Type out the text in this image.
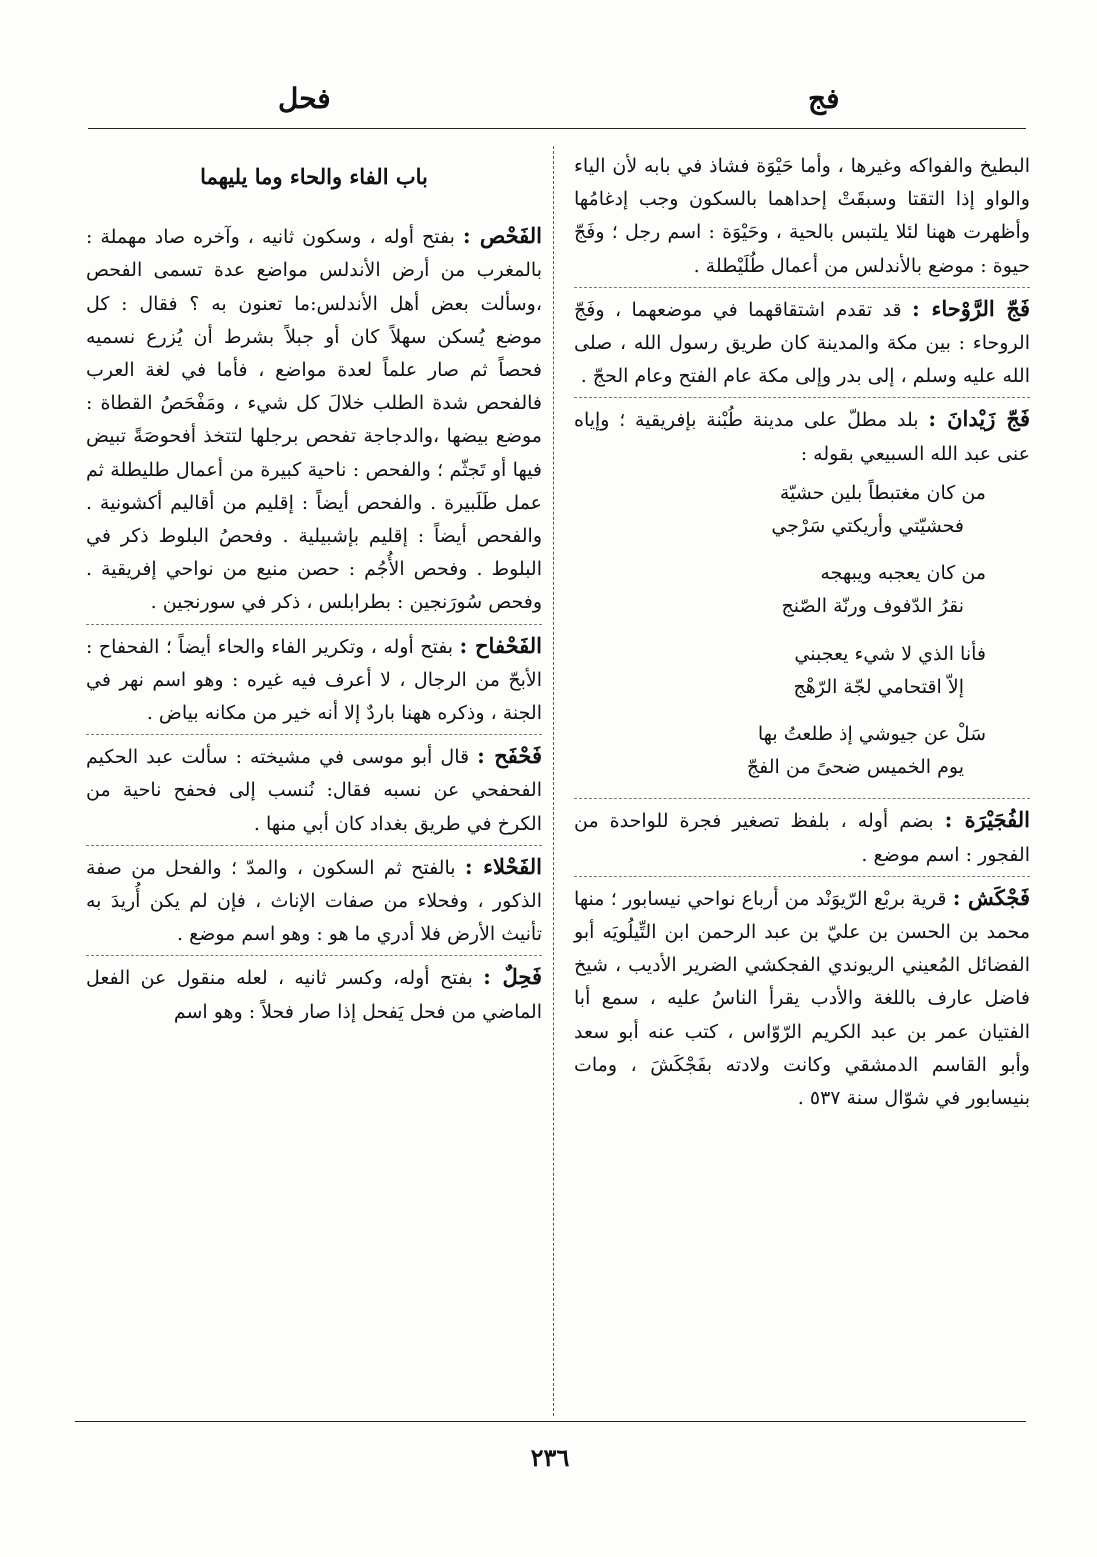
فج
فحل

البطيخ والفواكه وغيرها ، وأما حَيْوَة فشاذ في بابه لأن الياء والواو إذا التقتا وسبقَتْ إحداهما بالسكون وجب إدغامُها وأظهرت ههنا لئلا يلتبس بالحية ، وحَيْوَة : اسم رجل ؛ وفَجّ حيوة : موضع بالأندلس من أعمال طُلَيْطلة .

فَجّ الرَّوْحاء : قد تقدم اشتقاقهما في موضعهما ، وفَجّ الروحاء : بين مكة والمدينة كان طريق رسول الله ، صلى الله عليه وسلم ، إلى بدر وإلى مكة عام الفتح وعام الحجّ .
فَجّ زَيْدانَ : بلد مطلّ على مدينة طُبْنة بإفريقية ؛ وإياه عنى عبد الله السبيعي بقوله :
من كان مغتبطاً بلين حشيّة
فحشيّتي وأريكتي سَرْجي
من كان يعجبه ويبهجه
نقرُ الدّفوف ورنّة الصّنج
فأنا الذي لا شيء يعجبني
إلاّ اقتحامي لجّة الرّهْج
سَلْ عن جيوشي إذ طلعتُ بها
يوم الخميس ضحىً من الفجّ
الفُجَيْرَة : بضم أوله ، بلفظ تصغير فجرة للواحدة من الفجور : اسم موضع .
فَجْكَش : قرية بربْع الرّيوَنْد من أرباع نواحي نيسابور ؛ منها محمد بن الحسن بن عليّ بن عبد الرحمن ابن التِّيلُويَه أبو الفضائل المُعيني الريوندي الفجكشي الضرير الأديب ، شيخ فاضل عارف باللغة والأدب يقرأ الناسُ عليه ، سمع أبا الفتيان عمر بن عبد الكريم الرّوّاس ، كتب عنه أبو سعد وأبو القاسم الدمشقي وكانت ولادته بفَجْكَشَ ، ومات بنيسابور في شوّال سنة ٥٣٧ .
باب الفاء والحاء وما يليهما
الفَحْص : بفتح أوله ، وسكون ثانيه ، وآخره صاد مهملة : بالمغرب من أرض الأندلس مواضع عدة تسمى الفحص ،وسألت بعض أهل الأندلس:ما تعنون به ؟ فقال : كل موضع يُسكن سهلاً كان أو جبلاً بشرط أن يُزرع نسميه فحصاً ثم صار علماً لعدة مواضع ، فأما في لغة العرب فالفحص شدة الطلب خلالَ كل شيء ، ومَفْحَصُ القطاة : موضع بيضها ،والدجاجة تفحص برجلها لتتخذ أفحوصَةً تبيض فيها أو تَجثّم ؛ والفحص : ناحية كبيرة من أعمال طليطلة ثم عمل طَلَبيرة . والفحص أيضاً : إقليم من أقاليم أكشونية . والفحص أيضاً : إقليم بإشبيلية . وفحصُ البلوط ذكر في البلوط . وفحص الأُجُم : حصن منيع من نواحي إفريقية . وفحص سُورَنجين : بطرابلس ، ذكر في سورنجين .
الفَحْفاح : بفتح أوله ، وتكرير الفاء والحاء أيضاً ؛ الفحفاح : الأبحّ من الرجال ، لا أعرف فيه غيره : وهو اسم نهر في الجنة ، وذكره ههنا باردٌ إلا أنه خير من مكانه بياض .
فَحْفَح : قال أبو موسى في مشيخته : سألت عبد الحكيم الفحفحي عن نسبه فقال: نُنسب إلى فحفح ناحية من الكرخ في طريق بغداد كان أبي منها .
الفَحْلاء : بالفتح ثم السكون ، والمدّ ؛ والفحل من صفة الذكور ، وفحلاء من صفات الإناث ، فإن لم يكن أُريدَ به تأنيث الأرض فلا أدري ما هو : وهو اسم موضع .
فَحِلٌ : بفتح أوله، وكسر ثانيه ، لعله منقول عن الفعل الماضي من فحل يَفحل إذا صار فحلاً : وهو اسم
٢٣٦
